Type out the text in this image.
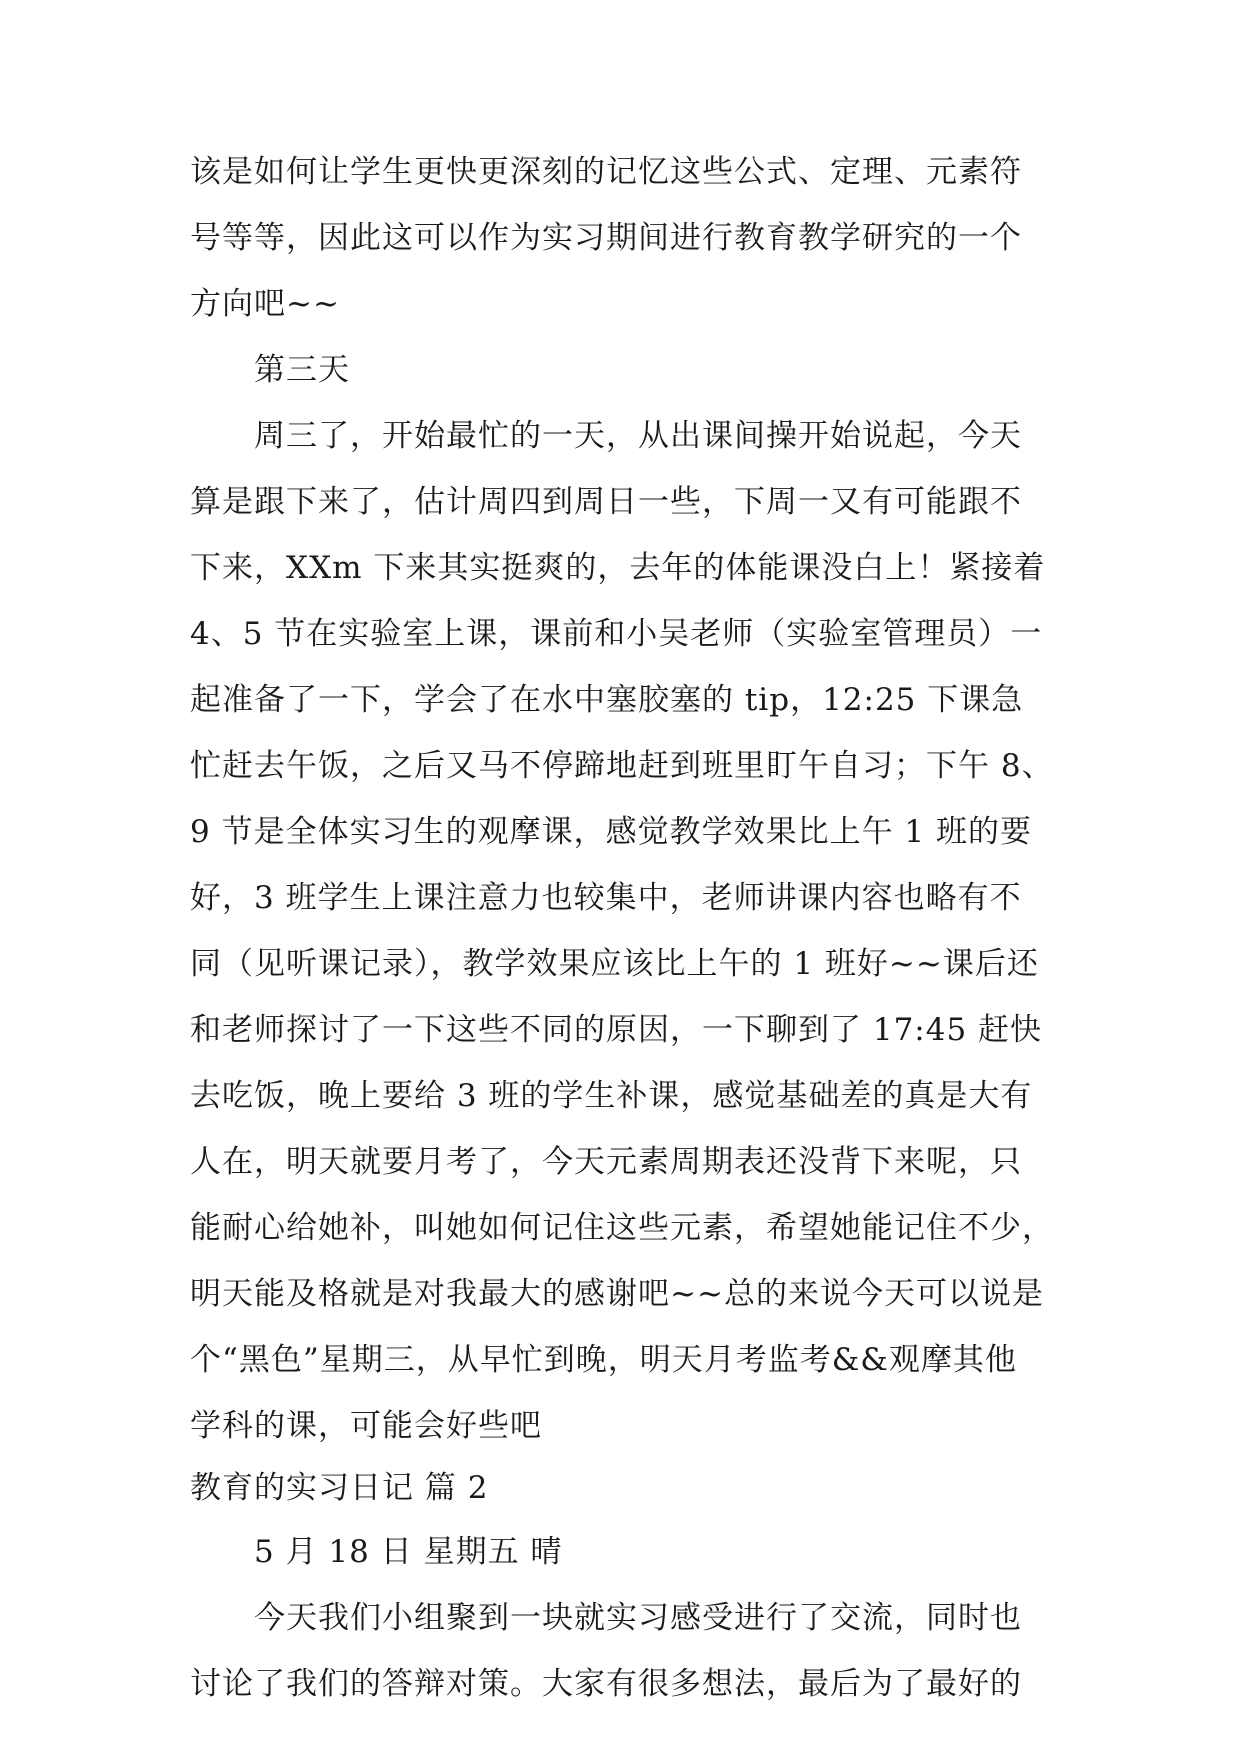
该是如何让学生更快更深刻的记忆这些公式、定理、元素符
号等等，因此这可以作为实习期间进行教育教学研究的一个
方向吧~~
第三天
周三了，开始最忙的一天，从出课间操开始说起，今天
算是跟下来了，估计周四到周日一些，下周一又有可能跟不
下来，XXm 下来其实挺爽的，去年的体能课没白上！紧接着
4、5 节在实验室上课，课前和小吴老师（实验室管理员）一
起准备了一下，学会了在水中塞胶塞的 tip，12:25 下课急
忙赶去午饭，之后又马不停蹄地赶到班里盯午自习；下午 8、
9 节是全体实习生的观摩课，感觉教学效果比上午 1 班的要
好，3 班学生上课注意力也较集中，老师讲课内容也略有不
同（见听课记录），教学效果应该比上午的 1 班好~~课后还
和老师探讨了一下这些不同的原因，一下聊到了 17:45 赶快
去吃饭，晚上要给 3 班的学生补课，感觉基础差的真是大有
人在，明天就要月考了，今天元素周期表还没背下来呢，只
能耐心给她补，叫她如何记住这些元素，希望她能记住不少，
明天能及格就是对我最大的感谢吧~~总的来说今天可以说是
个“黑色”星期三，从早忙到晚，明天月考监考&&观摩其他
学科的课，可能会好些吧
教育的实习日记 篇 2
5 月 18 日 星期五 晴
今天我们小组聚到一块就实习感受进行了交流，同时也
讨论了我们的答辩对策。大家有很多想法，最后为了最好的
